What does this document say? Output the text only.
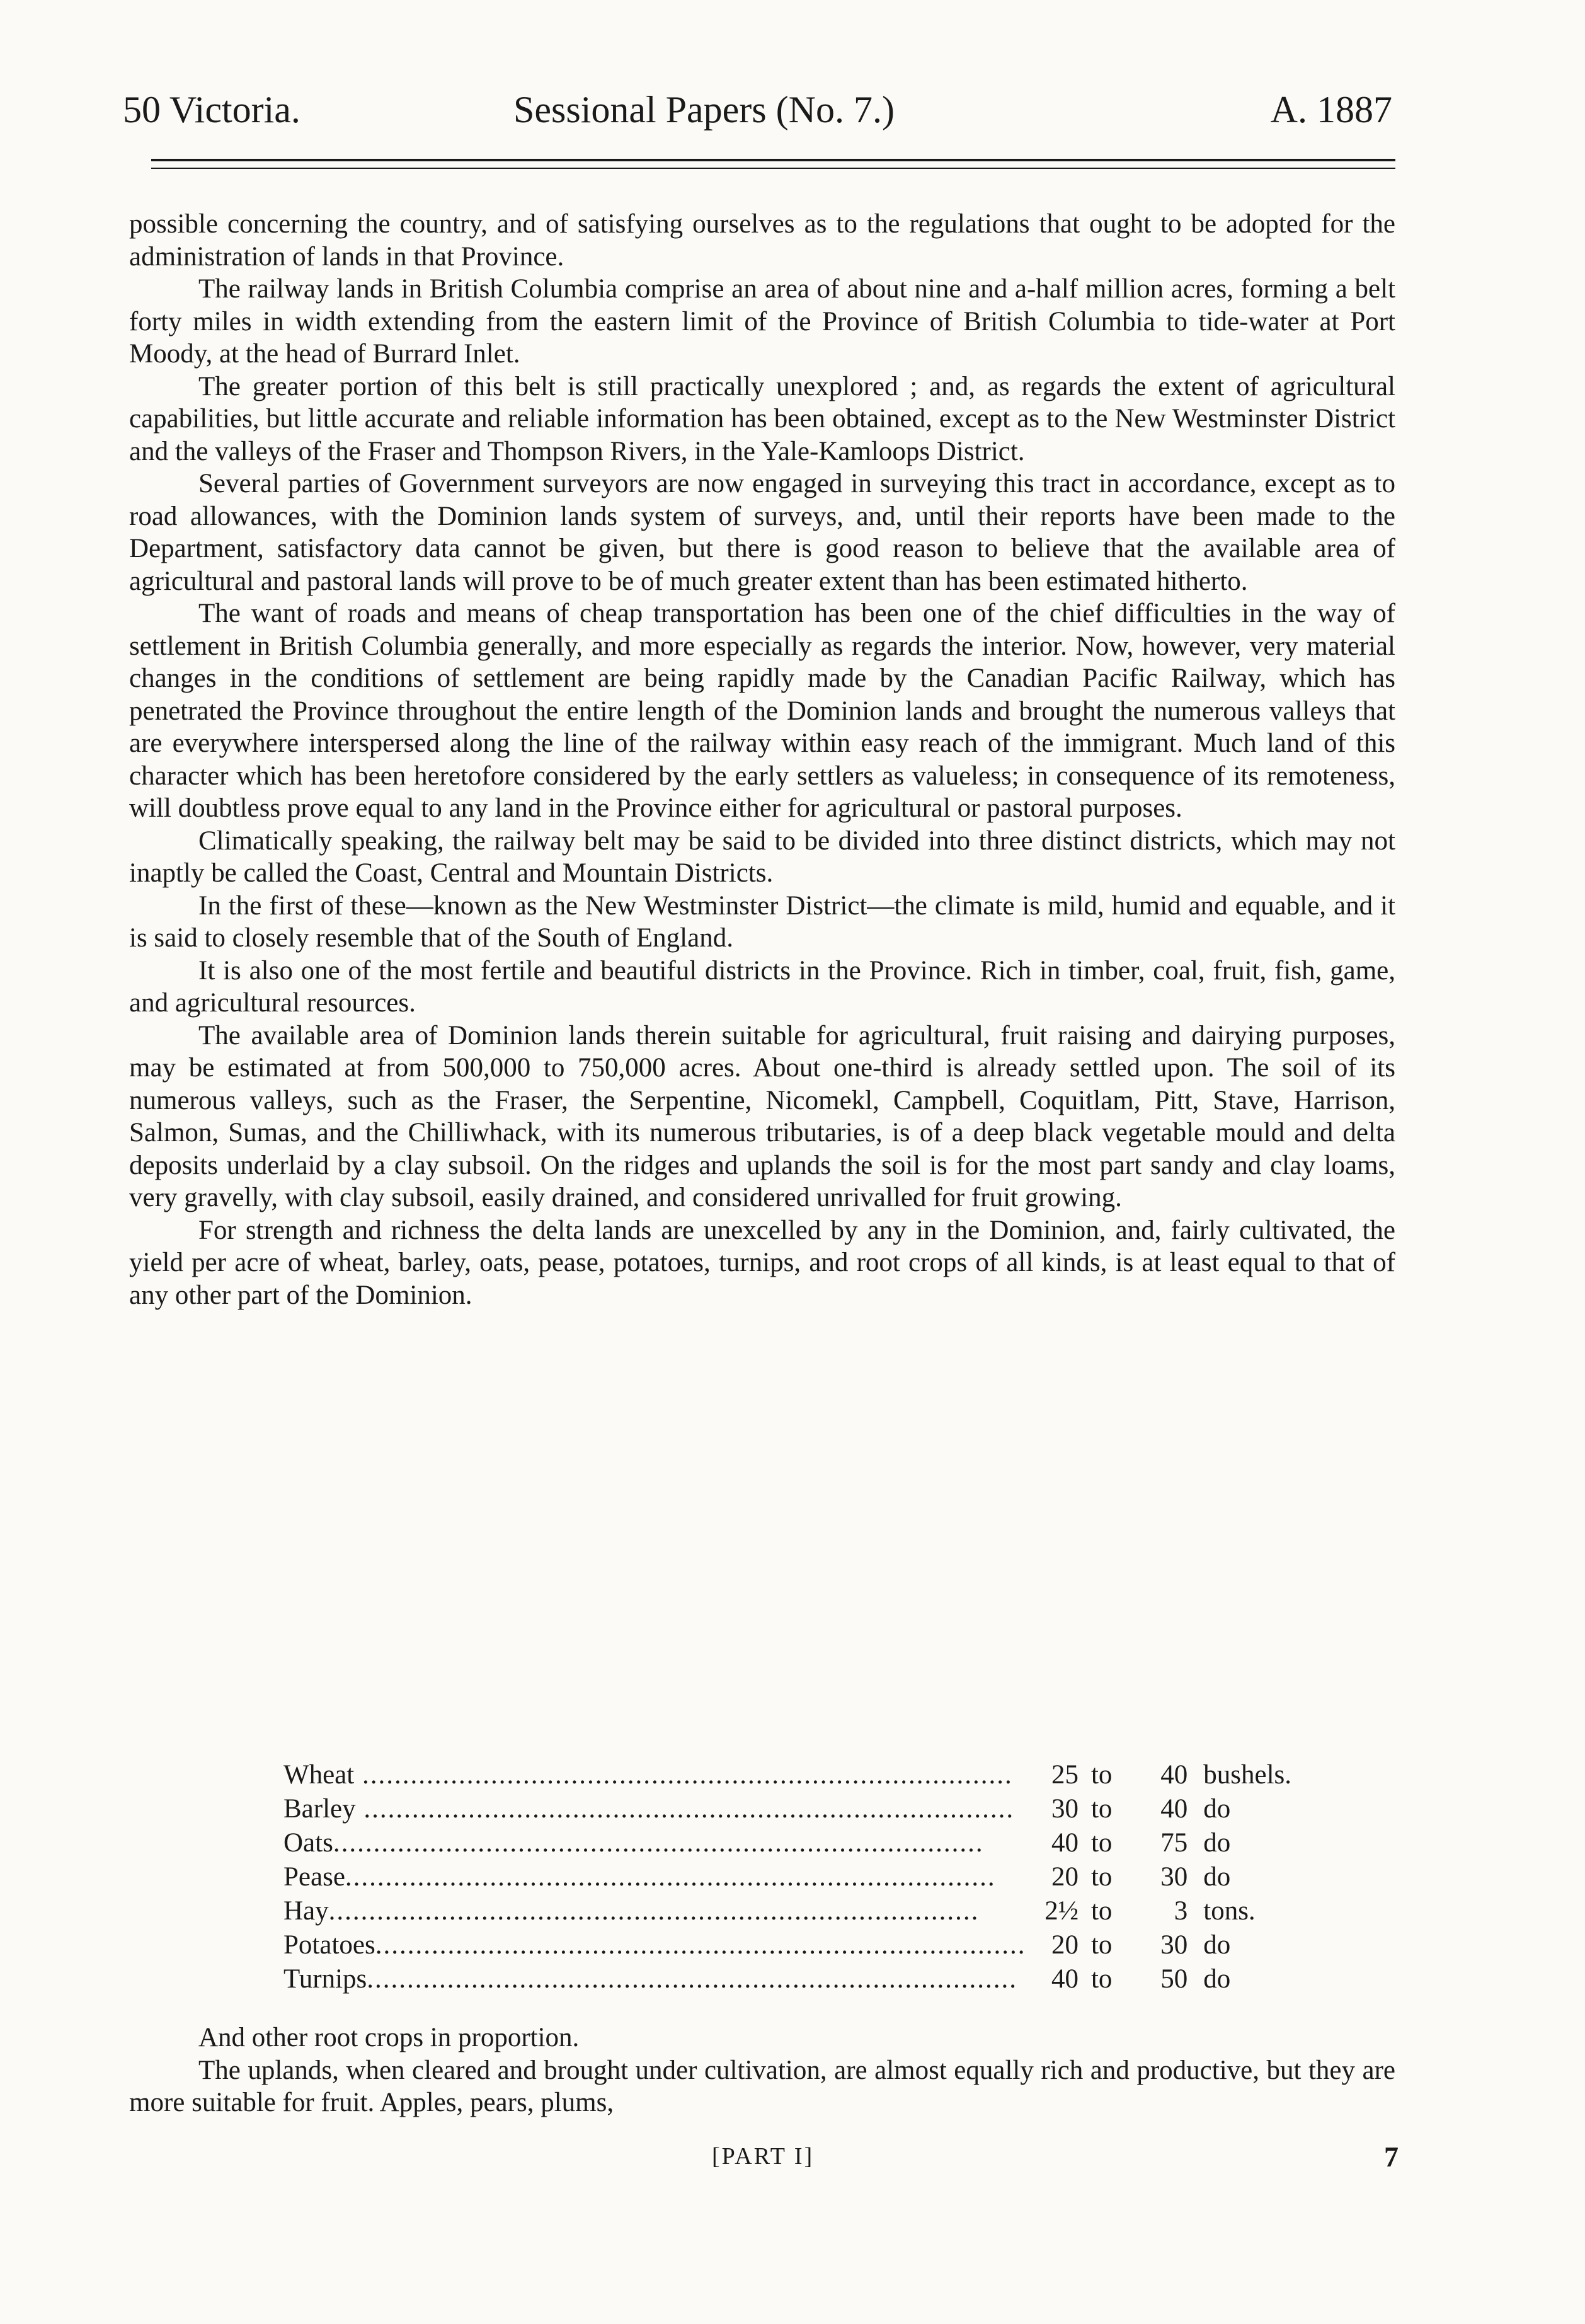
50 Victoria.	Sessional Papers (No. 7.)	A. 1887

possible concerning the country, and of satisfying ourselves as to the regulations that ought to be adopted for the administration of lands in that Province.

The railway lands in British Columbia comprise an area of about nine and a-half million acres, forming a belt forty miles in width extending from the eastern limit of the Province of British Columbia to tide-water at Port Moody, at the head of Burrard Inlet.

The greater portion of this belt is still practically unexplored ; and, as regards the extent of agricultural capabilities, but little accurate and reliable information has been obtained, except as to the New Westminster District and the valleys of the Fraser and Thompson Rivers, in the Yale-Kamloops District.

Several parties of Government surveyors are now engaged in surveying this tract in accordance, except as to road allowances, with the Dominion lands system of surveys, and, until their reports have been made to the Department, satisfactory data cannot be given, but there is good reason to believe that the available area of agricultural and pastoral lands will prove to be of much greater extent than has been estimated hitherto.

The want of roads and means of cheap transportation has been one of the chief difficulties in the way of settlement in British Columbia generally, and more especially as regards the interior. Now, however, very material changes in the conditions of settlement are being rapidly made by the Canadian Pacific Railway, which has penetrated the Province throughout the entire length of the Dominion lands and brought the numerous valleys that are everywhere interspersed along the line of the railway within easy reach of the immigrant. Much land of this character which has been heretofore considered by the early settlers as valueless; in consequence of its remoteness, will doubtless prove equal to any land in the Province either for agricultural or pastoral purposes.

Climatically speaking, the railway belt may be said to be divided into three distinct districts, which may not inaptly be called the Coast, Central and Mountain Districts.

In the first of these—known as the New Westminster District—the climate is mild, humid and equable, and it is said to closely resemble that of the South of England.

It is also one of the most fertile and beautiful districts in the Province. Rich in timber, coal, fruit, fish, game, and agricultural resources.

The available area of Dominion lands therein suitable for agricultural, fruit raising and dairying purposes, may be estimated at from 500,000 to 750,000 acres. About one-third is already settled upon. The soil of its numerous valleys, such as the Fraser, the Serpentine, Nicomekl, Campbell, Coquitlam, Pitt, Stave, Harrison, Salmon, Sumas, and the Chilliwhack, with its numerous tributaries, is of a deep black vegetable mould and delta deposits underlaid by a clay subsoil. On the ridges and uplands the soil is for the most part sandy and clay loams, very gravelly, with clay subsoil, easily drained, and considered unrivalled for fruit growing.

For strength and richness the delta lands are unexcelled by any in the Dominion, and, fairly cultivated, the yield per acre of wheat, barley, oats, pease, potatoes, turnips, and root crops of all kinds, is at least equal to that of any other part of the Dominion.

Wheat .................................................................................	25	to	40	bushels.
Barley .................................................................................	30	to	40	do
Oats.................................................................................	40	to	75	do
Pease.................................................................................	20	to	30	do
Hay.................................................................................	2½	to	3	tons.
Potatoes.................................................................................	20	to	30	do
Turnips.................................................................................	40	to	50	do

And other root crops in proportion.

The uplands, when cleared and brought under cultivation, are almost equally rich and productive, but they are more suitable for fruit. Apples, pears, plums,

[PART I]	7
